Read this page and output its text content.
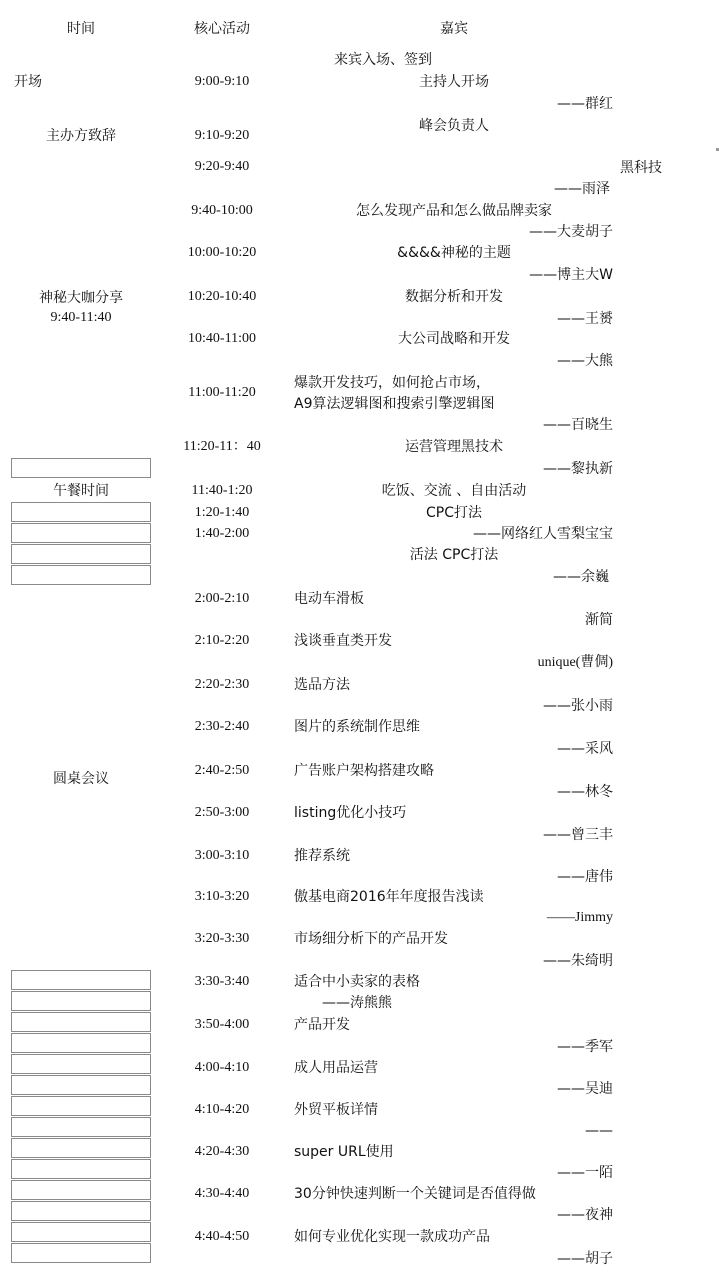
时间	核心活动	嘉宾
开场
主办方致辞
神秘大咖分享
9:40-11:40
午餐时间
圆桌会议
9:00-9:10
9:10-9:20
9:20-9:40
9:40-10:00
10:00-10:20
10:20-10:40
10:40-11:00
11:00-11:20
11:20-11：40
11:40-1:20
1:20-1:40
1:40-2:00
2:00-2:10
2:10-2:20
2:20-2:30
2:30-2:40
2:40-2:50
2:50-3:00
3:00-3:10
3:10-3:20
3:20-3:30
3:30-3:40
3:50-4:00
4:00-4:10
4:10-4:20
4:20-4:30
4:30-4:40
4:40-4:50
来宾入场、签到
主持人开场
峰会负责人
怎么发现产品和怎么做品牌卖家
&&&&神秘的主题
数据分析和开发
大公司战略和开发
爆款开发技巧，如何抢占市场，
A9算法逻辑图和搜索引擎逻辑图
运营管理黑技术
吃饭、交流 、自由活动
CPC打法
活法 CPC打法
电动车滑板
浅谈垂直类开发
选品方法
图片的系统制作思维
广告账户架构搭建攻略
listing优化小技巧
推荐系统
傲基电商2016年年度报告浅读
市场细分析下的产品开发
适合中小卖家的表格
产品开发
成人用品运营
外贸平板详情
super URL使用
30分钟快速判断一个关键词是否值得做
如何专业优化实现一款成功产品
——群红
黑科技
——雨泽
——大麦胡子
——博主大W
——王赟
——大熊
——百晓生
——黎执新
——网络红人雪梨宝宝
——余巍
渐简
unique(曹倜)
——张小雨
——采风
——林冬
——曾三丰
——唐伟
——Jimmy
——朱绮明
——涛熊熊
——季军
——吴迪
——
——一陌
——夜神
——胡子
